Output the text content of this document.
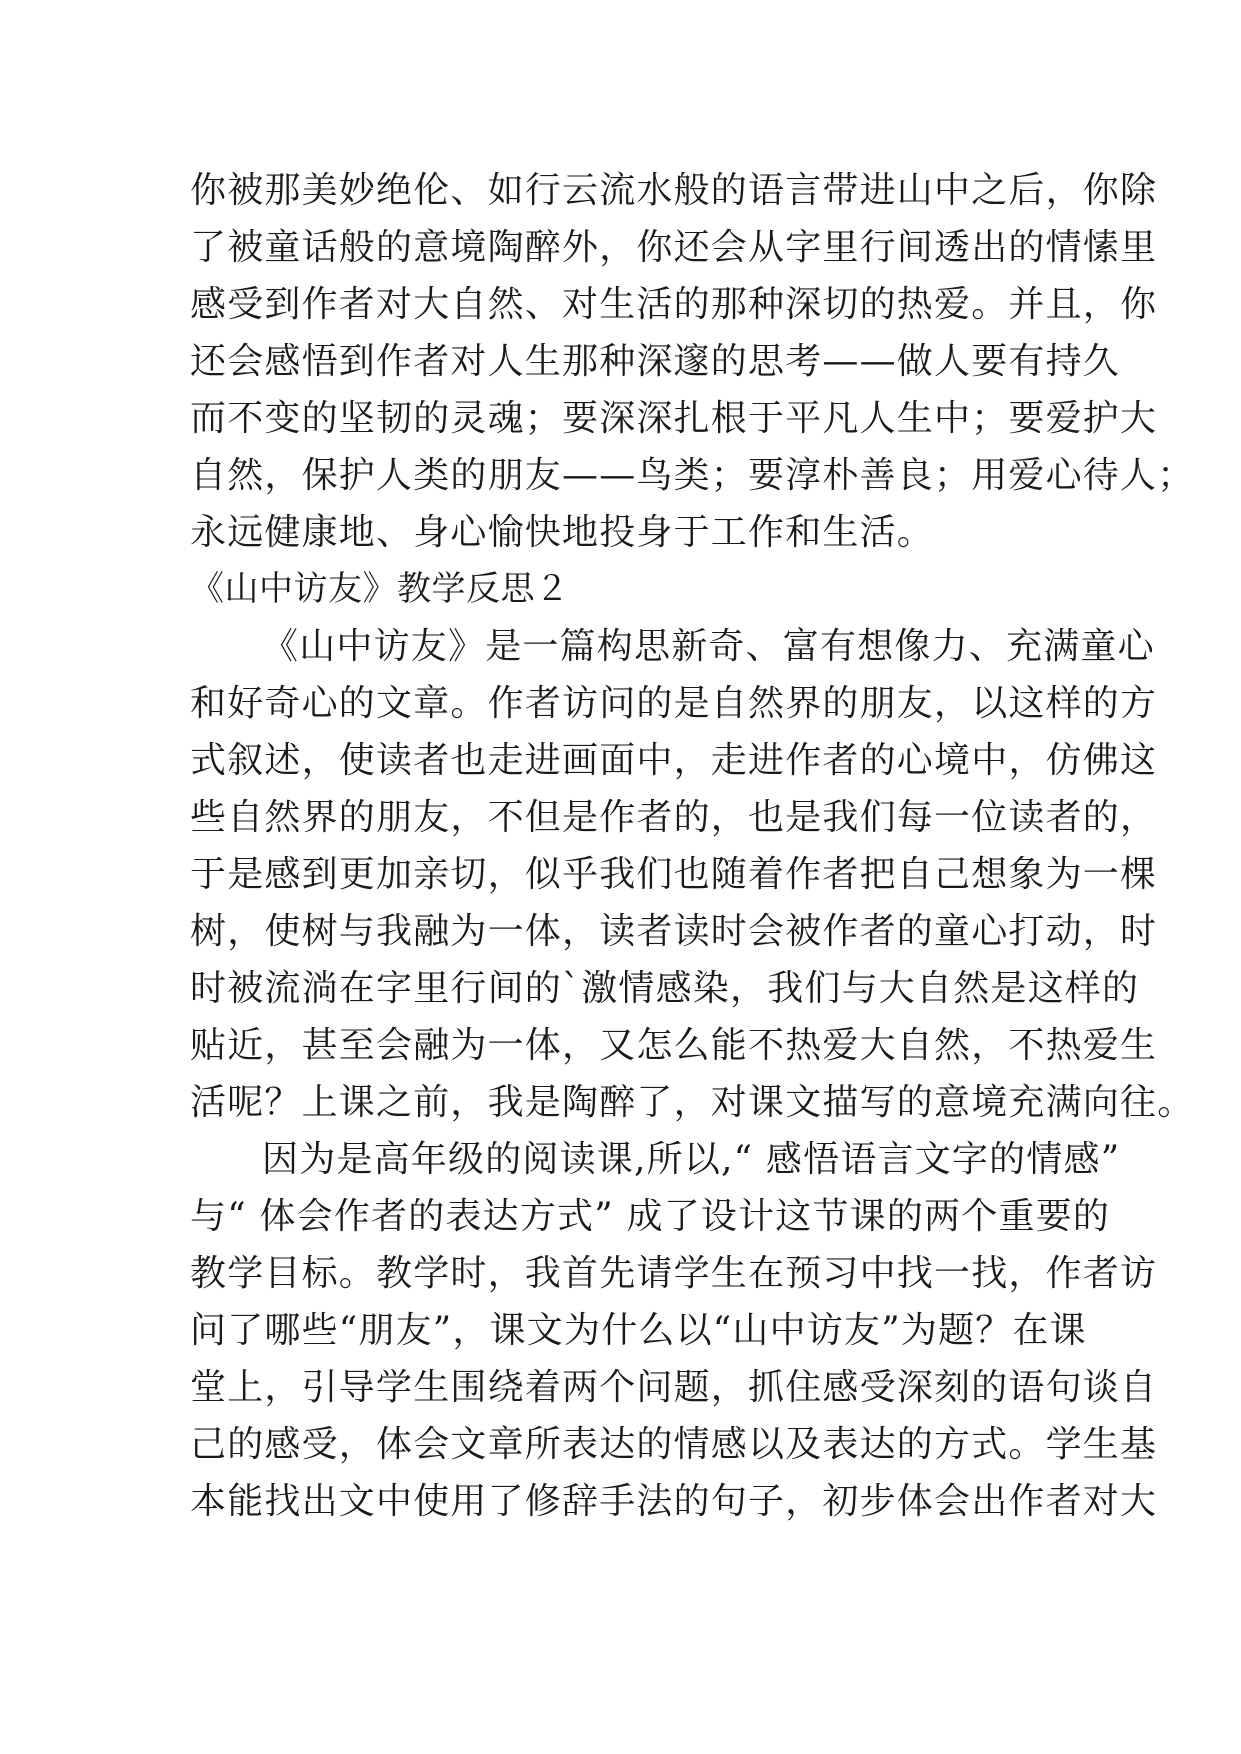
你被那美妙绝伦、如行云流水般的语言带进山中之后，你除
了被童话般的意境陶醉外，你还会从字里行间透出的情愫里
感受到作者对大自然、对生活的那种深切的热爱。并且，你
还会感悟到作者对人生那种深邃的思考——做人要有持久
而不变的坚韧的灵魂；要深深扎根于平凡人生中；要爱护大
自然，保护人类的朋友——鸟类；要淳朴善良；用爱心待人；
永远健康地、身心愉快地投身于工作和生活。
《山中访友》教学反思２
《山中访友》是一篇构思新奇、富有想像力、充满童心
和好奇心的文章。作者访问的是自然界的朋友，以这样的方
式叙述，使读者也走进画面中，走进作者的心境中，仿佛这
些自然界的朋友，不但是作者的，也是我们每一位读者的，
于是感到更加亲切，似乎我们也随着作者把自己想象为一棵
树，使树与我融为一体，读者读时会被作者的童心打动，时
时被流淌在字里行间的`激情感染，我们与大自然是这样的
贴近，甚至会融为一体，又怎么能不热爱大自然，不热爱生
活呢？上课之前，我是陶醉了，对课文描写的意境充满向往。
因为是高年级的阅读课,所以,“ 感悟语言文字的情感”
与“ 体会作者的表达方式” 成了设计这节课的两个重要的
教学目标。教学时，我首先请学生在预习中找一找，作者访
问了哪些“朋友”，课文为什么以“山中访友”为题？在课
堂上，引导学生围绕着两个问题，抓住感受深刻的语句谈自
己的感受，体会文章所表达的情感以及表达的方式。学生基
本能找出文中使用了修辞手法的句子，初步体会出作者对大
